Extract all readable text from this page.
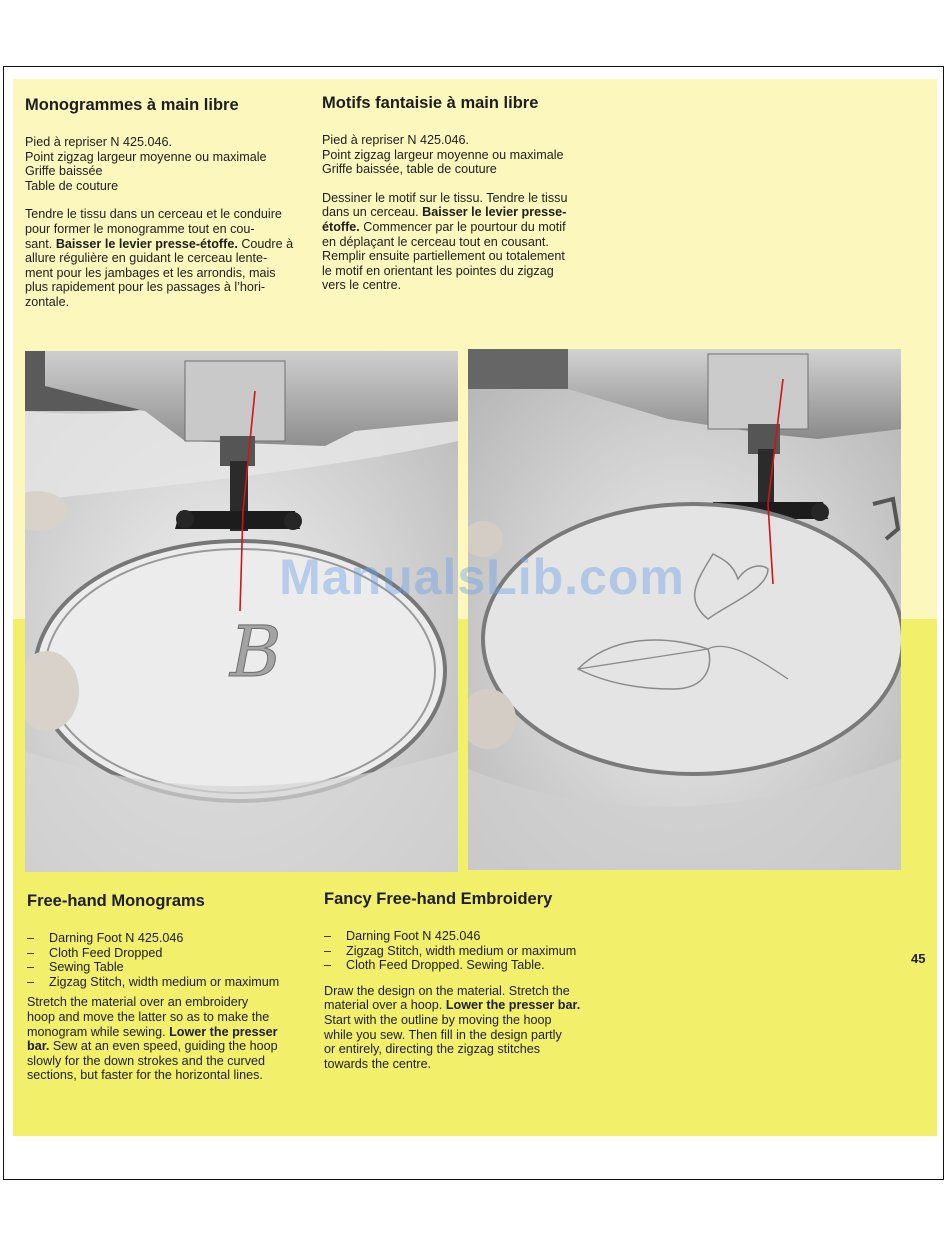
45
Monogrammes à main libre

Pied à repriser N 425.046.

Point zigzag largeur moyenne ou maximale

Griffe baissée

Table de couture

Tendre le tissu dans un cerceau et le conduire
pour former le monogramme tout en cou-
sant. Baisser le levier presse-étoffe. Coudre à
allure régulière en guidant le cerceau lente-
ment pour les jambages et les arrondis, mais
plus rapidement pour les passages à l’hori-
zontale.

Motifs fantaisie à main libre

Pied à repriser N 425.046.

Point zigzag largeur moyenne ou maximale

Griffe baissée, table de couture

Dessiner le motif sur le tissu. Tendre le tissu
dans un cerceau. Baisser le levier presse-
étoffe. Commencer par le pourtour du motif
en déplaçant le cerceau tout en cousant.
Remplir ensuite partiellement ou totalement
le motif en orientant les pointes du zigzag
vers le centre.

B
Free-hand Monograms
– Darning Foot N 425.046
– Cloth Feed Dropped
– Sewing Table
– Zigzag Stitch, width medium or maximum

Stretch the material over an embroidery
hoop and move the latter so as to make the
monogram while sewing. Lower the presser
bar. Sew at an even speed, guiding the hoop
slowly for the down strokes and the curved
sections, but faster for the horizontal lines.

Fancy Free-hand Embroidery
– Darning Foot N 425.046
– Zigzag Stitch, width medium or maximum
– Cloth Feed Dropped. Sewing Table.

Draw the design on the material. Stretch the
material over a hoop. Lower the presser bar.
Start with the outline by moving the hoop
while you sew. Then fill in the design partly
or entirely, directing the zigzag stitches
towards the centre.

ManualsLib.com
